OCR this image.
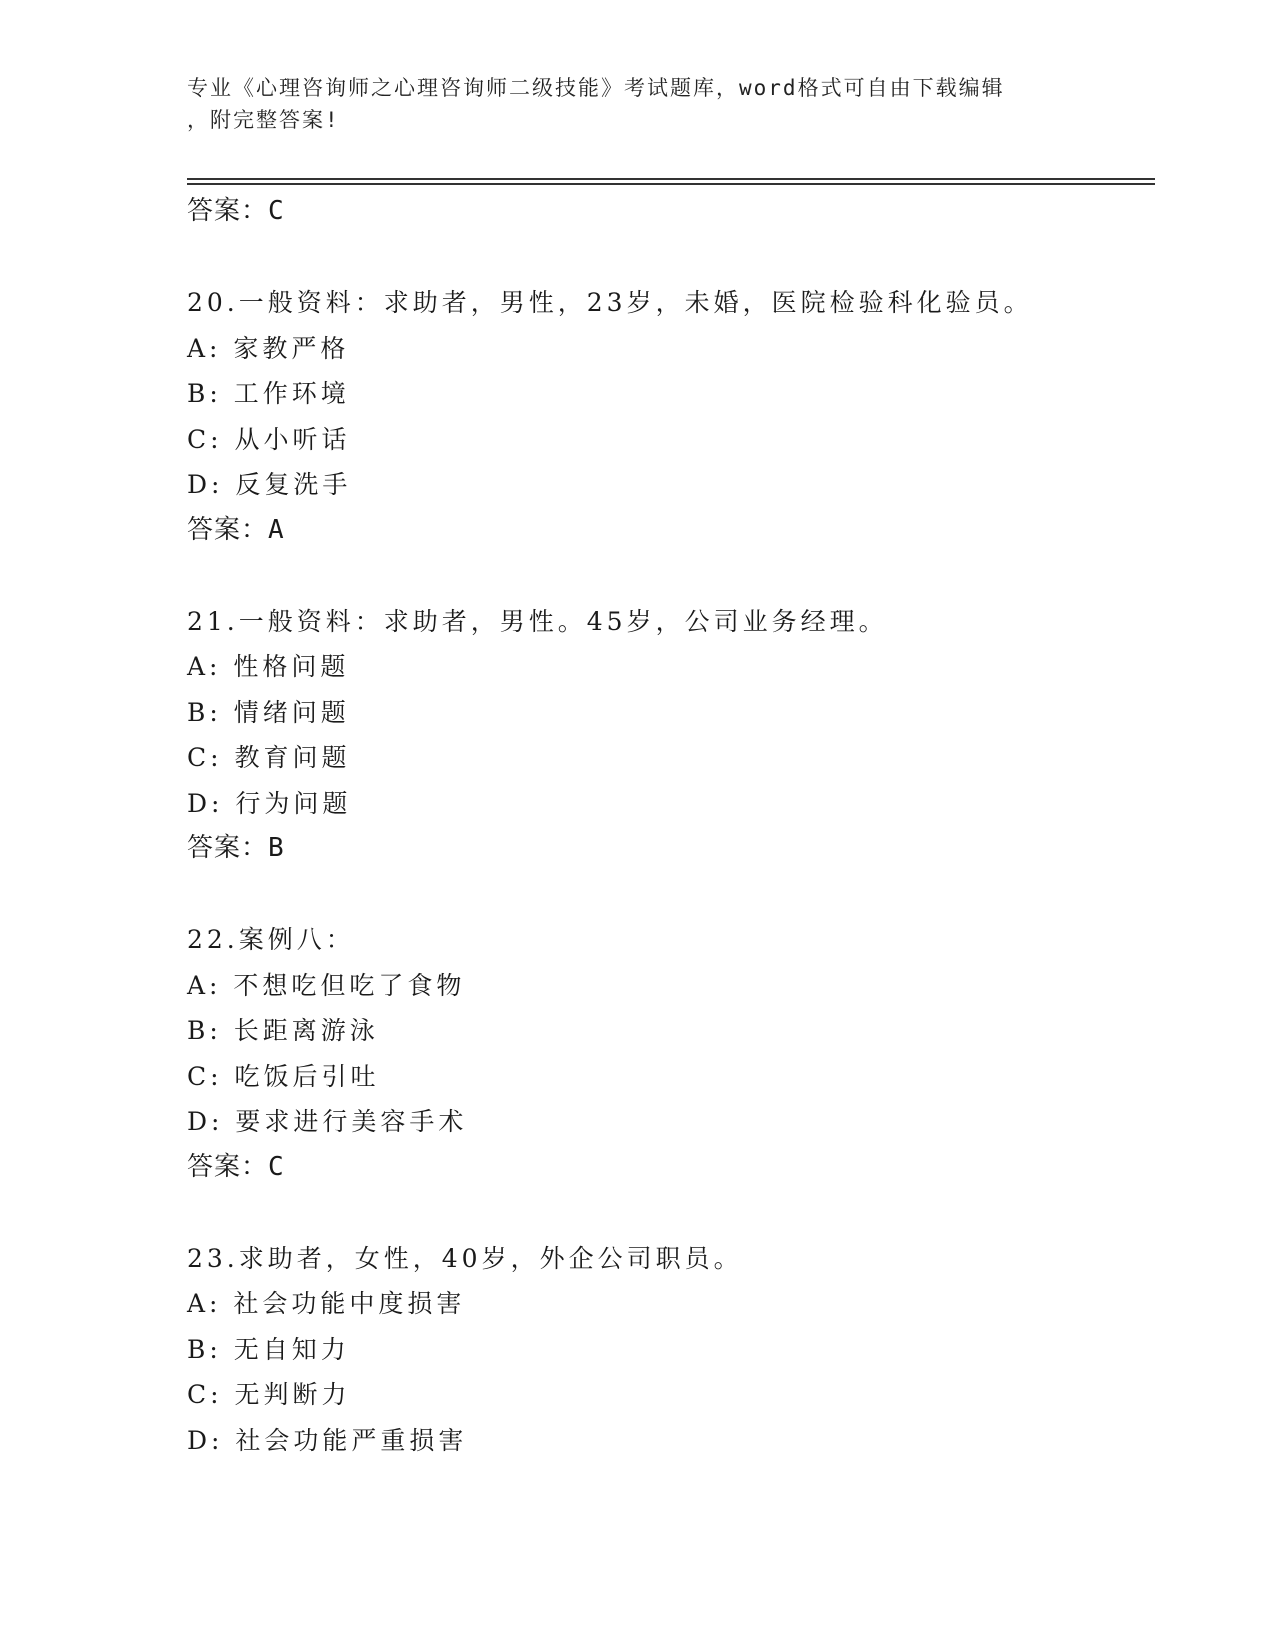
专业《心理咨询师之心理咨询师二级技能》考试题库，word格式可自由下载编辑
，附完整答案!
答案：C
20.一般资料：求助者，男性，23岁，未婚，医院检验科化验员。
A: 家教严格
B: 工作环境
C: 从小听话
D: 反复洗手
答案：A
21.一般资料：求助者，男性。45岁，公司业务经理。
A: 性格问题
B: 情绪问题
C: 教育问题
D: 行为问题
答案：B
22.案例八：
A: 不想吃但吃了食物
B: 长距离游泳
C: 吃饭后引吐
D: 要求进行美容手术
答案：C
23.求助者，女性，40岁，外企公司职员。
A: 社会功能中度损害
B: 无自知力
C: 无判断力
D: 社会功能严重损害
